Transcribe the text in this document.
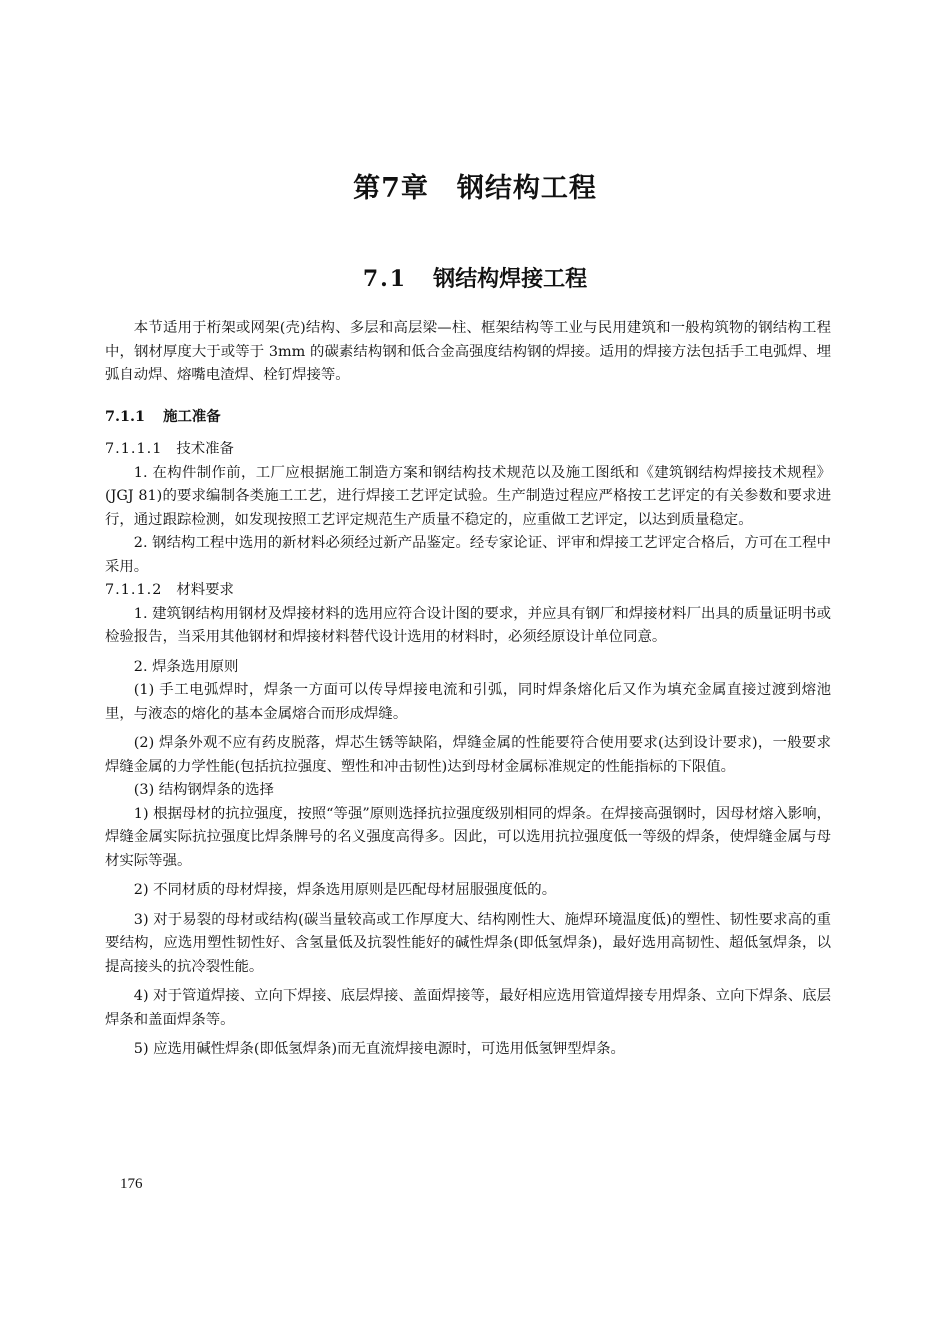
第7章 钢结构工程
7.1 钢结构焊接工程

本节适用于桁架或网架(壳)结构、多层和高层梁—柱、框架结构等工业与民用建筑和一般构筑物的钢结构工程中，钢材厚度大于或等于 3mm 的碳素结构钢和低合金高强度结构钢的焊接。适用的焊接方法包括手工电弧焊、埋弧自动焊、熔嘴电渣焊、栓钉焊接等。

7.1.1 施工准备

7.1.1.1 技术准备

1. 在构件制作前，工厂应根据施工制造方案和钢结构技术规范以及施工图纸和《建筑钢结构焊接技术规程》(JGJ 81)的要求编制各类施工工艺，进行焊接工艺评定试验。生产制造过程应严格按工艺评定的有关参数和要求进行，通过跟踪检测，如发现按照工艺评定规范生产质量不稳定的，应重做工艺评定，以达到质量稳定。

2. 钢结构工程中选用的新材料必须经过新产品鉴定。经专家论证、评审和焊接工艺评定合格后，方可在工程中采用。

7.1.1.2 材料要求

1. 建筑钢结构用钢材及焊接材料的选用应符合设计图的要求，并应具有钢厂和焊接材料厂出具的质量证明书或检验报告，当采用其他钢材和焊接材料替代设计选用的材料时，必须经原设计单位同意。

2. 焊条选用原则

(1) 手工电弧焊时，焊条一方面可以传导焊接电流和引弧，同时焊条熔化后又作为填充金属直接过渡到熔池里，与液态的熔化的基本金属熔合而形成焊缝。

(2) 焊条外观不应有药皮脱落，焊芯生锈等缺陷，焊缝金属的性能要符合使用要求(达到设计要求)，一般要求焊缝金属的力学性能(包括抗拉强度、塑性和冲击韧性)达到母材金属标准规定的性能指标的下限值。

(3) 结构钢焊条的选择

1) 根据母材的抗拉强度，按照“等强”原则选择抗拉强度级别相同的焊条。在焊接高强钢时，因母材熔入影响，焊缝金属实际抗拉强度比焊条牌号的名义强度高得多。因此，可以选用抗拉强度低一等级的焊条，使焊缝金属与母材实际等强。

2) 不同材质的母材焊接，焊条选用原则是匹配母材屈服强度低的。

3) 对于易裂的母材或结构(碳当量较高或工作厚度大、结构刚性大、施焊环境温度低)的塑性、韧性要求高的重要结构，应选用塑性韧性好、含氢量低及抗裂性能好的碱性焊条(即低氢焊条)，最好选用高韧性、超低氢焊条，以提高接头的抗冷裂性能。

4) 对于管道焊接、立向下焊接、底层焊接、盖面焊接等，最好相应选用管道焊接专用焊条、立向下焊条、底层焊条和盖面焊条等。

5) 应选用碱性焊条(即低氢焊条)而无直流焊接电源时，可选用低氢钾型焊条。

176
